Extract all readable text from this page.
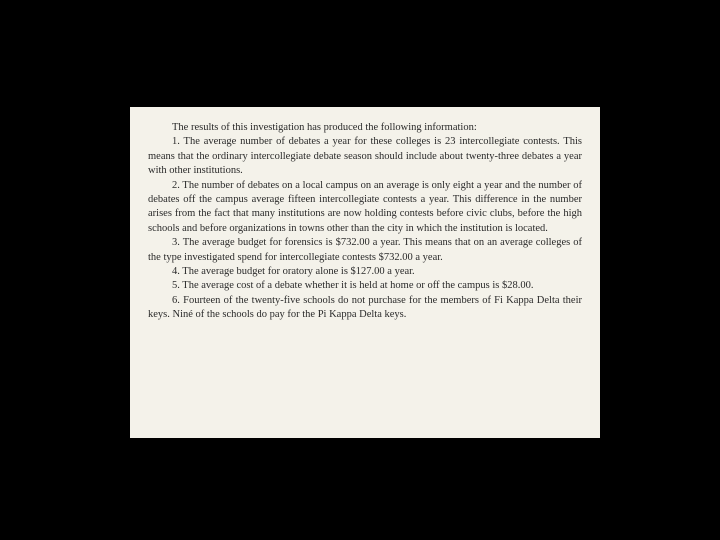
The results of this investigation has produced the following information:

1. The average number of debates a year for these colleges is 23 intercollegiate contests. This means that the ordinary intercollegiate debate season should include about twenty-three debates a year with other institutions.

2. The number of debates on a local campus on an average is only eight a year and the number of debates off the campus average fifteen intercollegiate contests a year. This difference in the number arises from the fact that many institutions are now holding contests before civic clubs, before the high schools and before organizations in towns other than the city in which the institution is located.

3. The average budget for forensics is $732.00 a year. This means that on an average colleges of the type investigated spend for intercollegiate contests $732.00 a year.

4. The average budget for oratory alone is $127.00 a year.

5. The average cost of a debate whether it is held at home or off the campus is $28.00.

6. Fourteen of the twenty-five schools do not purchase for the members of Fi Kappa Delta their keys. Niné of the schools do pay for the Pi Kappa Delta keys.
